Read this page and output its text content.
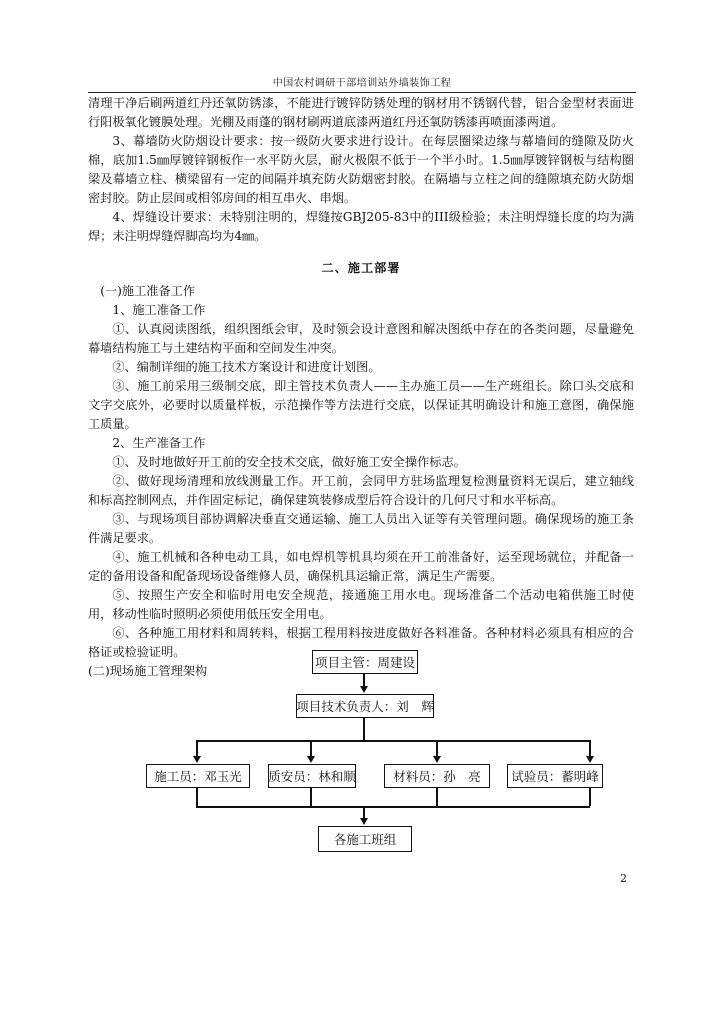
中国农村调研干部培训站外墙装饰工程

清理干净后刷两道红丹还氧防锈漆，不能进行镀锌防锈处理的钢材用不锈钢代替，铝合金型材表面进行阳极氧化镀膜处理。光棚及雨蓬的钢材刷两道底漆两道红丹还氧防锈漆再喷面漆两道。

3、幕墙防火防烟设计要求：按一级防火要求进行设计。在每层圈梁边缘与幕墙间的缝隙及防火棉，底加1.5㎜厚镀锌钢板作一水平防火层，耐火极限不低于一个半小时。1.5㎜厚镀锌钢板与结构圈梁及幕墙立柱、横梁留有一定的间隔并填充防火防烟密封胶。在隔墙与立柱之间的缝隙填充防火防烟密封胶。防止层间或相邻房间的相互串火、串烟。

4、焊缝设计要求：未特别注明的，焊缝按GBJ205-83中的III级检验；未注明焊缝长度的均为满焊；未注明焊缝焊脚高均为4㎜。

二、施工部署

(一)施工准备工作

1、施工准备工作

①、认真阅读图纸，组织图纸会审，及时领会设计意图和解决图纸中存在的各类问题，尽量避免幕墙结构施工与土建结构平面和空间发生冲突。

②、编制详细的施工技术方案设计和进度计划图。

③、施工前采用三级制交底，即主管技术负责人——主办施工员——生产班组长。除口头交底和文字交底外，必要时以质量样板，示范操作等方法进行交底，以保证其明确设计和施工意图，确保施工质量。

2、生产准备工作

①、及时地做好开工前的安全技术交底，做好施工安全操作标志。

②、做好现场清理和放线测量工作。开工前，会同甲方驻场监理复检测量资料无误后，建立轴线和标高控制网点，并作固定标记，确保建筑装修成型后符合设计的几何尺寸和水平标高。

③、与现场项目部协调解决垂直交通运输、施工人员出入证等有关管理问题。确保现场的施工条件满足要求。

④、施工机械和各种电动工具，如电焊机等机具均须在开工前准备好，运至现场就位，并配备一定的备用设备和配备现场设备维修人员，确保机具运输正常，满足生产需要。

⑤、按照生产安全和临时用电安全规范，接通施工用水电。现场准备二个活动电箱供施工时使用，移动性临时照明必须使用低压安全用电。

⑥、各种施工用材料和周转料，根据工程用料按进度做好各料准备。各种材料必须具有相应的合格证或检验证明。

(二)现场施工管理架构

项目主管：周建设
项目技术负责人：刘　辉
施工员：邓玉光	质安员：林和顺	材料员：孙　亮	试验员：蓄明峰
各施工班组
2
